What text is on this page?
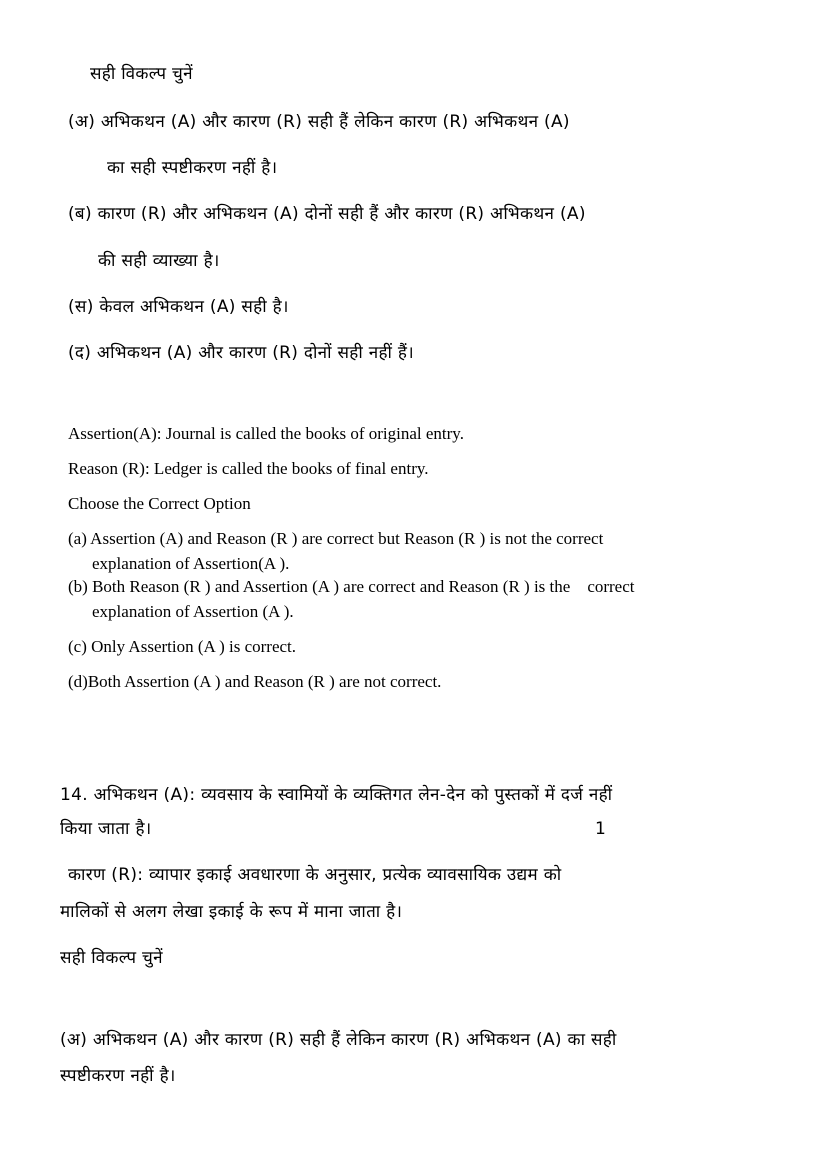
सही विकल्प चुनें
(अ) अभिकथन (A) और कारण (R) सही हैं लेकिन कारण (R) अभिकथन (A)
का सही स्पष्टीकरण नहीं है।
(ब) कारण (R) और अभिकथन (A) दोनों सही हैं और कारण (R) अभिकथन (A)
की सही व्याख्या है।
(स) केवल अभिकथन (A) सही है।
(द) अभिकथन (A) और कारण (R) दोनों सही नहीं हैं।
Assertion(A): Journal is called the books of original entry.
Reason (R): Ledger is called the books of final entry.
Choose the Correct Option
(a) Assertion (A) and Reason (R ) are correct but Reason (R ) is not the correct
explanation of Assertion(A ).
(b) Both Reason (R ) and Assertion (A ) are correct and Reason (R ) is the    correct
explanation of Assertion (A ).
(c) Only Assertion (A ) is correct.
(d)Both Assertion (A ) and Reason (R ) are not correct.
14. अभिकथन (A): व्यवसाय के स्वामियों के व्यक्तिगत लेन-देन को पुस्तकों में दर्ज नहीं
किया जाता है।	1
कारण (R): व्यापार इकाई अवधारणा के अनुसार, प्रत्येक व्यावसायिक उद्यम को
मालिकों से अलग लेखा इकाई के रूप में माना जाता है।
सही विकल्प चुनें
(अ) अभिकथन (A) और कारण (R) सही हैं लेकिन कारण (R) अभिकथन (A) का सही
स्पष्टीकरण नहीं है।
